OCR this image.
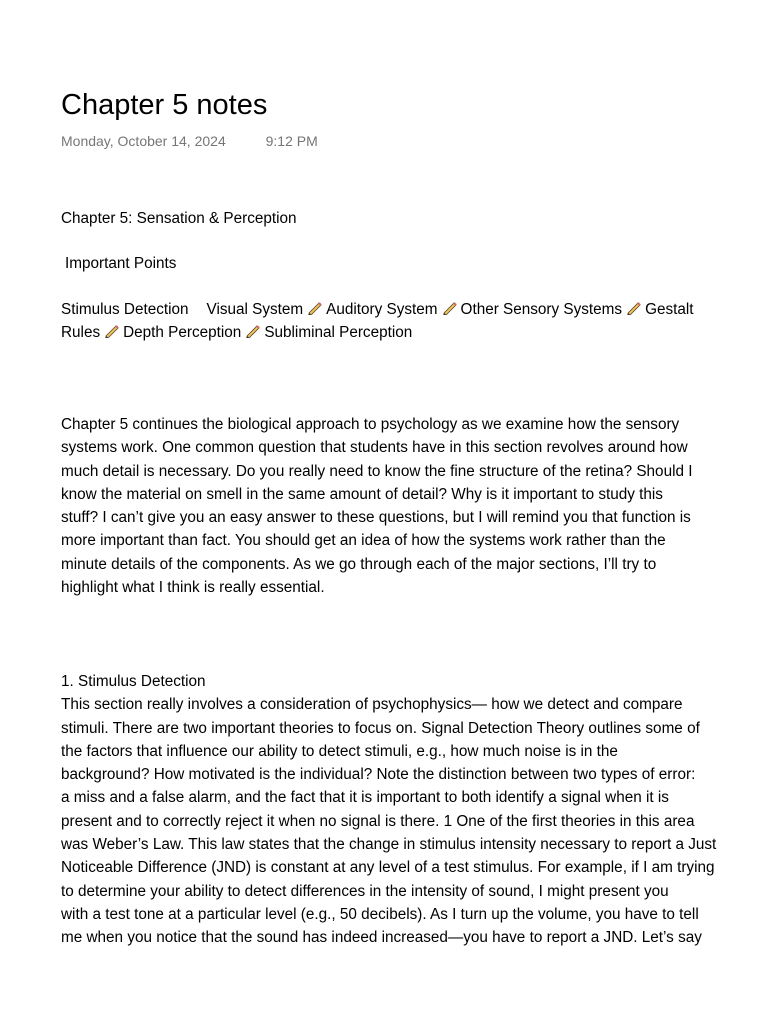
Chapter 5 notes
Monday, October 14, 2024	9:12 PM
Chapter 5: Sensation & Perception
Important Points
Stimulus Detection Visual System Auditory System Other Sensory Systems Gestalt
Rules Depth Perception Subliminal Perception
Chapter 5 continues the biological approach to psychology as we examine how the sensory
systems work. One common question that students have in this section revolves around how
much detail is necessary. Do you really need to know the fine structure of the retina? Should I
know the material on smell in the same amount of detail? Why is it important to study this
stuff? I can’t give you an easy answer to these questions, but I will remind you that function is
more important than fact. You should get an idea of how the systems work rather than the
minute details of the components. As we go through each of the major sections, I’ll try to
highlight what I think is really essential.
1. Stimulus Detection
This section really involves a consideration of psychophysics— how we detect and compare
stimuli. There are two important theories to focus on. Signal Detection Theory outlines some of
the factors that influence our ability to detect stimuli, e.g., how much noise is in the
background? How motivated is the individual? Note the distinction between two types of error:
a miss and a false alarm, and the fact that it is important to both identify a signal when it is
present and to correctly reject it when no signal is there. 1 One of the first theories in this area
was Weber’s Law. This law states that the change in stimulus intensity necessary to report a Just
Noticeable Difference (JND) is constant at any level of a test stimulus. For example, if I am trying
to determine your ability to detect differences in the intensity of sound, I might present you
with a test tone at a particular level (e.g., 50 decibels). As I turn up the volume, you have to tell
me when you notice that the sound has indeed increased—you have to report a JND. Let’s say
